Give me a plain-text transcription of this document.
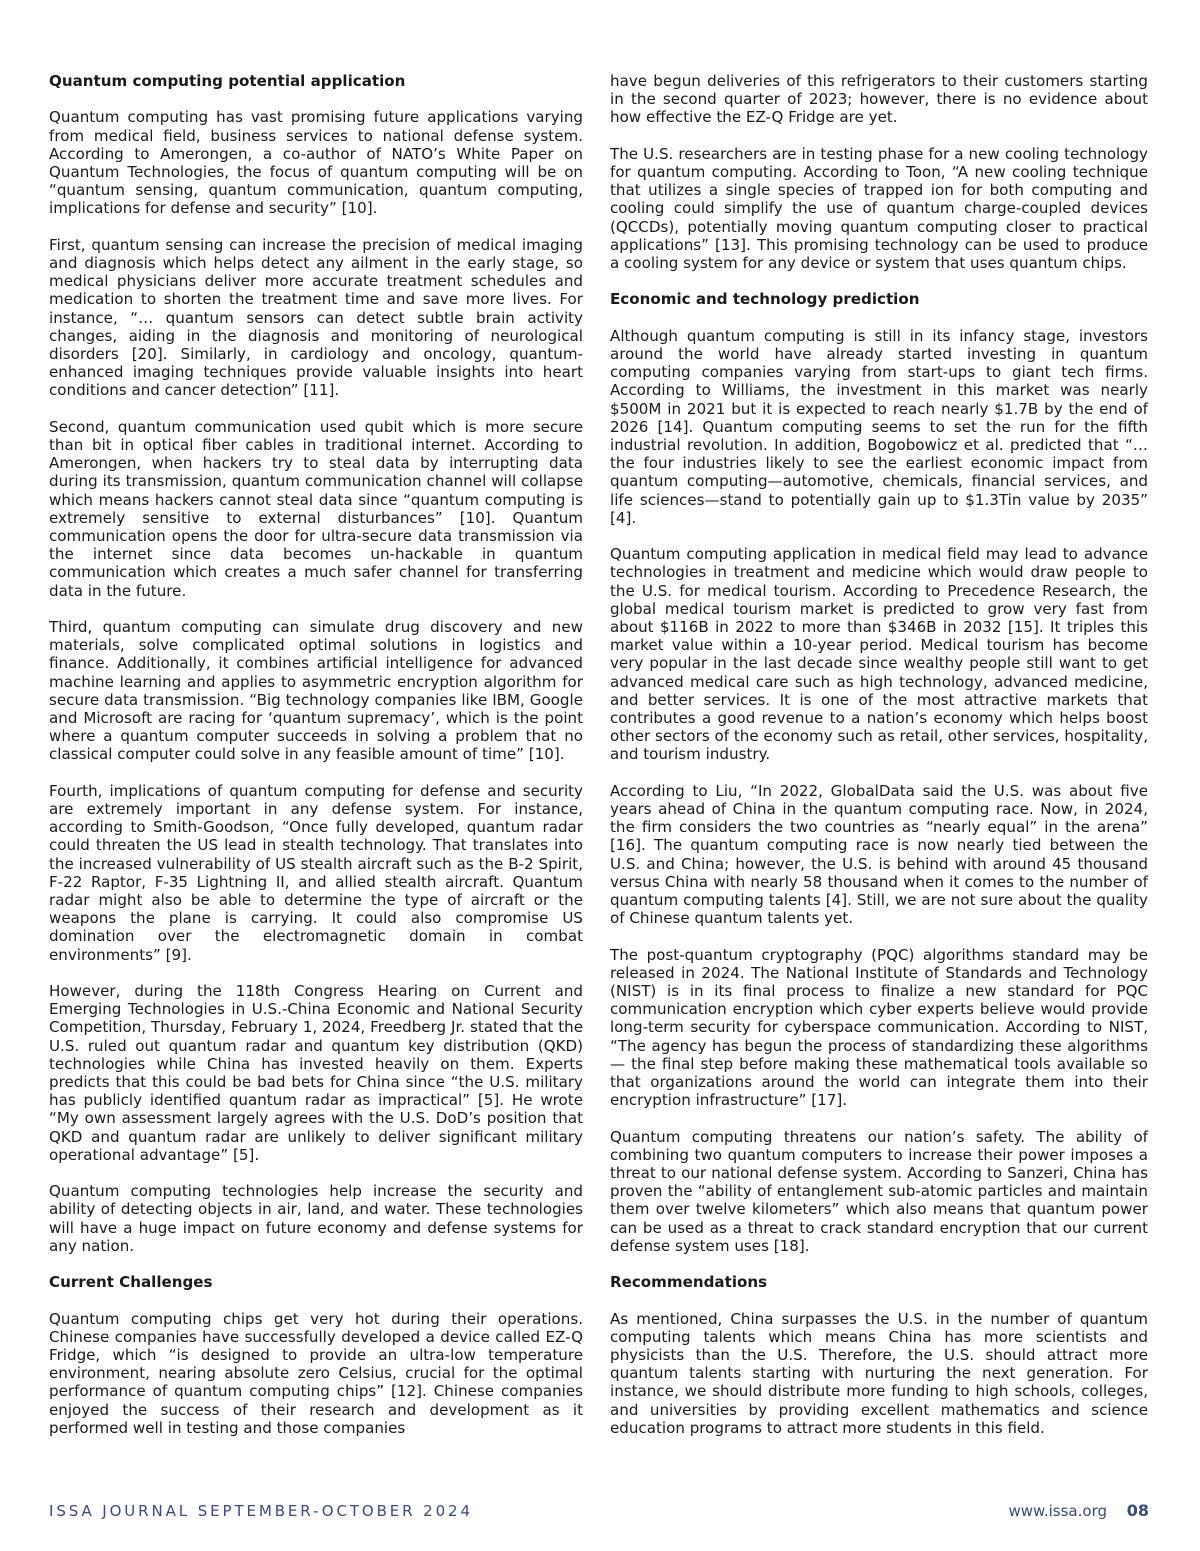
Quantum computing potential application

Quantum computing has vast promising future applications varying from medical field, business services to national defense system. According to Amerongen, a co-author of NATO’s White Paper on Quantum Technologies, the focus of quantum computing will be on “quantum sensing, quantum communication, quantum computing, implications for defense and security” [10].

First, quantum sensing can increase the precision of medical imaging and diagnosis which helps detect any ailment in the early stage, so medical physicians deliver more accurate treatment schedules and medication to shorten the treatment time and save more lives. For instance, “… quantum sensors can detect subtle brain activity changes, aiding in the diagnosis and monitoring of neurological disorders [20]. Similarly, in cardiology and oncology, quantum-enhanced imaging techniques provide valuable insights into heart conditions and cancer detection” [11].

Second, quantum communication used qubit which is more secure than bit in optical fiber cables in traditional internet. According to Amerongen, when hackers try to steal data by interrupting data during its transmission, quantum communication channel will collapse which means hackers cannot steal data since “quantum computing is extremely sensitive to external disturbances” [10]. Quantum communication opens the door for ultra-secure data transmission via the internet since data becomes un-hackable in quantum communication which creates a much safer channel for transferring data in the future.

Third, quantum computing can simulate drug discovery and new materials, solve complicated optimal solutions in logistics and finance. Additionally, it combines artificial intelligence for advanced machine learning and applies to asymmetric encryption algorithm for secure data transmission. “Big technology companies like IBM, Google and Microsoft are racing for ‘quantum supremacy’, which is the point where a quantum computer succeeds in solving a problem that no classical computer could solve in any feasible amount of time” [10].

Fourth, implications of quantum computing for defense and security are extremely important in any defense system. For instance, according to Smith-Goodson, “Once fully developed, quantum radar could threaten the US lead in stealth technology. That translates into the increased vulnerability of US stealth aircraft such as the B-2 Spirit, F-22 Raptor, F-35 Lightning II, and allied stealth aircraft. Quantum radar might also be able to determine the type of aircraft or the weapons the plane is carrying. It could also compromise US domination over the electromagnetic domain in combat environments” [9].

However, during the 118th Congress Hearing on Current and Emerging Technologies in U.S.-China Economic and National Security Competition, Thursday, February 1, 2024, Freedberg Jr. stated that the U.S. ruled out quantum radar and quantum key distribution (QKD) technologies while China has invested heavily on them. Experts predicts that this could be bad bets for China since “the U.S. military has publicly identified quantum radar as impractical” [5]. He wrote “My own assessment largely agrees with the U.S. DoD’s position that QKD and quantum radar are unlikely to deliver significant military operational advantage” [5].

Quantum computing technologies help increase the security and ability of detecting objects in air, land, and water. These technologies will have a huge impact on future economy and defense systems for any nation.

Current Challenges

Quantum computing chips get very hot during their operations. Chinese companies have successfully developed a device called EZ-Q Fridge, which “is designed to provide an ultra-low temperature environment, nearing absolute zero Celsius, crucial for the optimal performance of quantum computing chips” [12]. Chinese companies enjoyed the success of their research and development as it performed well in testing and those companies

have begun deliveries of this refrigerators to their customers starting in the second quarter of 2023; however, there is no evidence about how effective the EZ-Q Fridge are yet.

The U.S. researchers are in testing phase for a new cooling technology for quantum computing. According to Toon, “A new cooling technique that utilizes a single species of trapped ion for both computing and cooling could simplify the use of quantum charge-coupled devices (QCCDs), potentially moving quantum computing closer to practical applications” [13]. This promising technology can be used to produce a cooling system for any device or system that uses quantum chips.

Economic and technology prediction

Although quantum computing is still in its infancy stage, investors around the world have already started investing in quantum computing companies varying from start-ups to giant tech firms. According to Williams, the investment in this market was nearly $500M in 2021 but it is expected to reach nearly $1.7B by the end of 2026 [14]. Quantum computing seems to set the run for the fifth industrial revolution. In addition, Bogobowicz et al. predicted that “… the four industries likely to see the earliest economic impact from quantum computing—automotive, chemicals, financial services, and life sciences—stand to potentially gain up to $1.3Tin value by 2035” [4].

Quantum computing application in medical field may lead to advance technologies in treatment and medicine which would draw people to the U.S. for medical tourism. According to Precedence Research, the global medical tourism market is predicted to grow very fast from about $116B in 2022 to more than $346B in 2032 [15]. It triples this market value within a 10-year period. Medical tourism has become very popular in the last decade since wealthy people still want to get advanced medical care such as high technology, advanced medicine, and better services. It is one of the most attractive markets that contributes a good revenue to a nation’s economy which helps boost other sectors of the economy such as retail, other services, hospitality, and tourism industry.

According to Liu, “In 2022, GlobalData said the U.S. was about five years ahead of China in the quantum computing race. Now, in 2024, the firm considers the two countries as “nearly equal” in the arena” [16]. The quantum computing race is now nearly tied between the U.S. and China; however, the U.S. is behind with around 45 thousand versus China with nearly 58 thousand when it comes to the number of quantum computing talents [4]. Still, we are not sure about the quality of Chinese quantum talents yet.

The post-quantum cryptography (PQC) algorithms standard may be released in 2024. The National Institute of Standards and Technology (NIST) is in its final process to finalize a new standard for PQC communication encryption which cyber experts believe would provide long-term security for cyberspace communication. According to NIST, “The agency has begun the process of standardizing these algorithms — the final step before making these mathematical tools available so that organizations around the world can integrate them into their encryption infrastructure” [17].

Quantum computing threatens our nation’s safety. The ability of combining two quantum computers to increase their power imposes a threat to our national defense system. According to Sanzeri, China has proven the “ability of entanglement sub-atomic particles and maintain them over twelve kilometers” which also means that quantum power can be used as a threat to crack standard encryption that our current defense system uses [18].

Recommendations

As mentioned, China surpasses the U.S. in the number of quantum computing talents which means China has more scientists and physicists than the U.S. Therefore, the U.S. should attract more quantum talents starting with nurturing the next generation. For instance, we should distribute more funding to high schools, colleges, and universities by providing excellent mathematics and science education programs to attract more students in this field.

ISSA JOURNAL SEPTEMBER-OCTOBER 2024	www.issa.org 08
